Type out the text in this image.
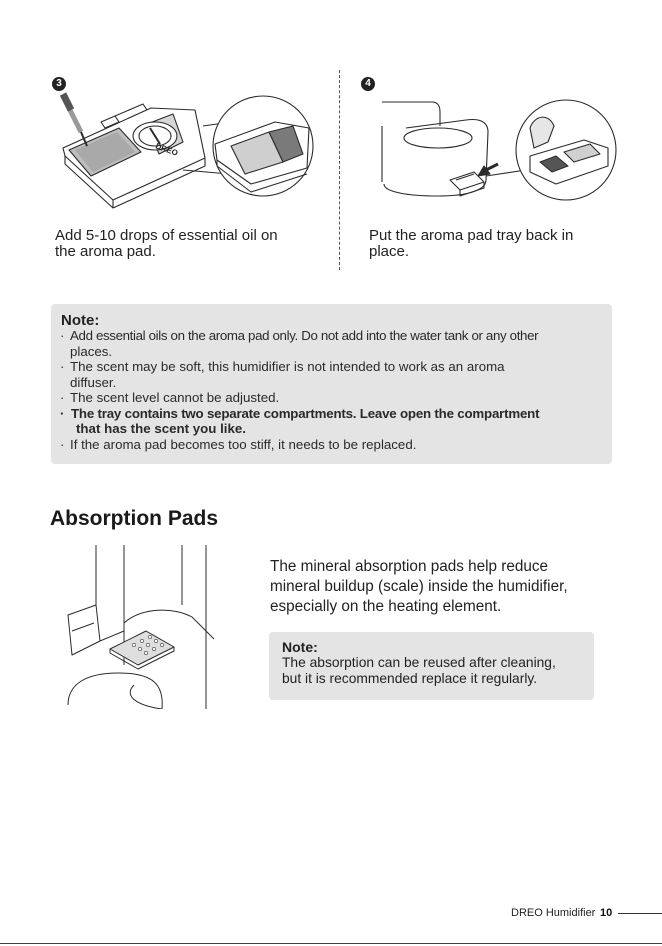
3
DREO
Add 5-10 drops of essential oil on
the aroma pad.
4
Put the aroma pad tray back in
place.
Note:
· Add essential oils on the aroma pad only. Do not add into the water tank or any other
places.
· The scent may be soft, this humidifier is not intended to work as an aroma
diffuser.
· The scent level cannot be adjusted.
· The tray contains two separate compartments. Leave open the compartment
that has the scent you like.
· If the aroma pad becomes too stiff, it needs to be replaced.
Absorption Pads
The mineral absorption pads help reduce
mineral buildup (scale) inside the humidifier,
especially on the heating element.
Note:
The absorption can be reused after cleaning,
but it is recommended replace it regularly.
DREO Humidifier 10
